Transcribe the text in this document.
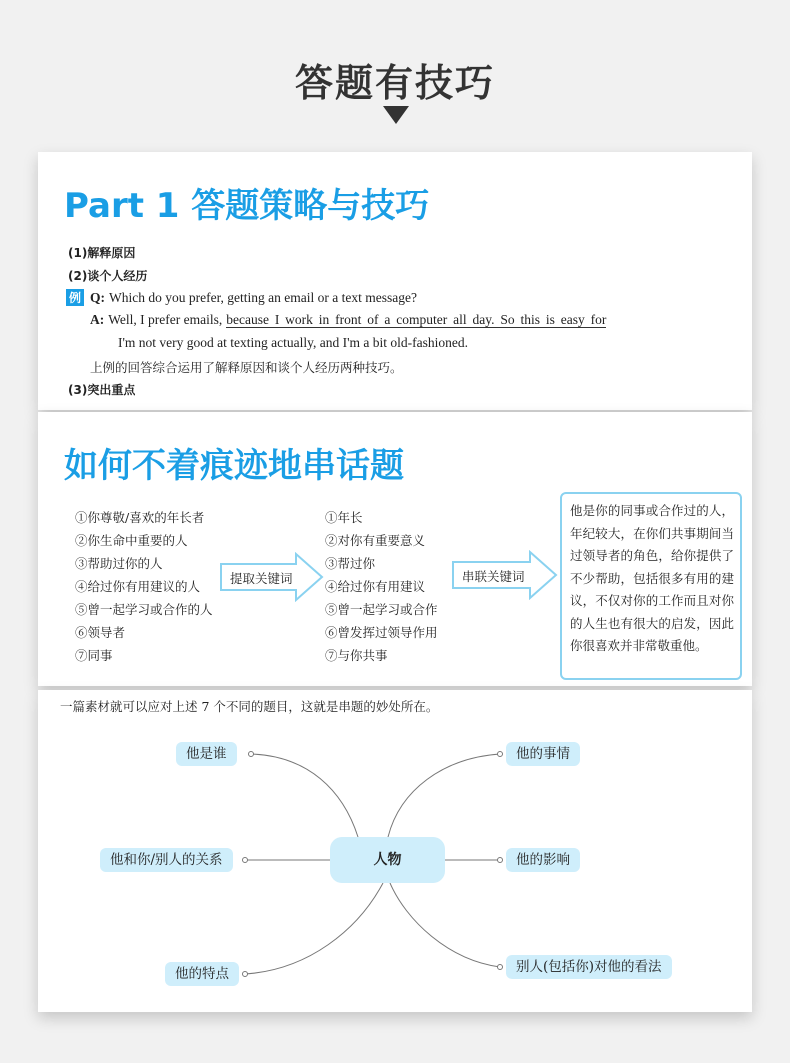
答题有技巧
Part 1 答题策略与技巧
(1)解释原因
(2)谈个人经历
例 Q: Which do you prefer, getting an email or a text message?
A: Well, I prefer emails, because I work in front of a computer all day. So this is easy for
I'm not very good at texting actually, and I'm a bit old-fashioned.
上例的回答综合运用了解释原因和谈个人经历两种技巧。
(3)突出重点
如何不着痕迹地串话题
①你尊敬/喜欢的年长者
②你生命中重要的人
③帮助过你的人
④给过你有用建议的人
⑤曾一起学习或合作的人
⑥领导者
⑦同事
提取关键词
①年长
②对你有重要意义
③帮过你
④给过你有用建议
⑤曾一起学习或合作
⑥曾发挥过领导作用
⑦与你共事
串联关键词
他是你的同事或合作过的人，年纪较大，在你们共事期间当过领导者的角色，给你提供了不少帮助，包括很多有用的建议，不仅对你的工作而且对你的人生也有很大的启发，因此你很喜欢并非常敬重他。
一篇素材就可以应对上述 7 个不同的题目，这就是串题的妙处所在。
人物
他是谁
他和你/别人的关系
他的特点
他的事情
他的影响
别人(包括你)对他的看法
